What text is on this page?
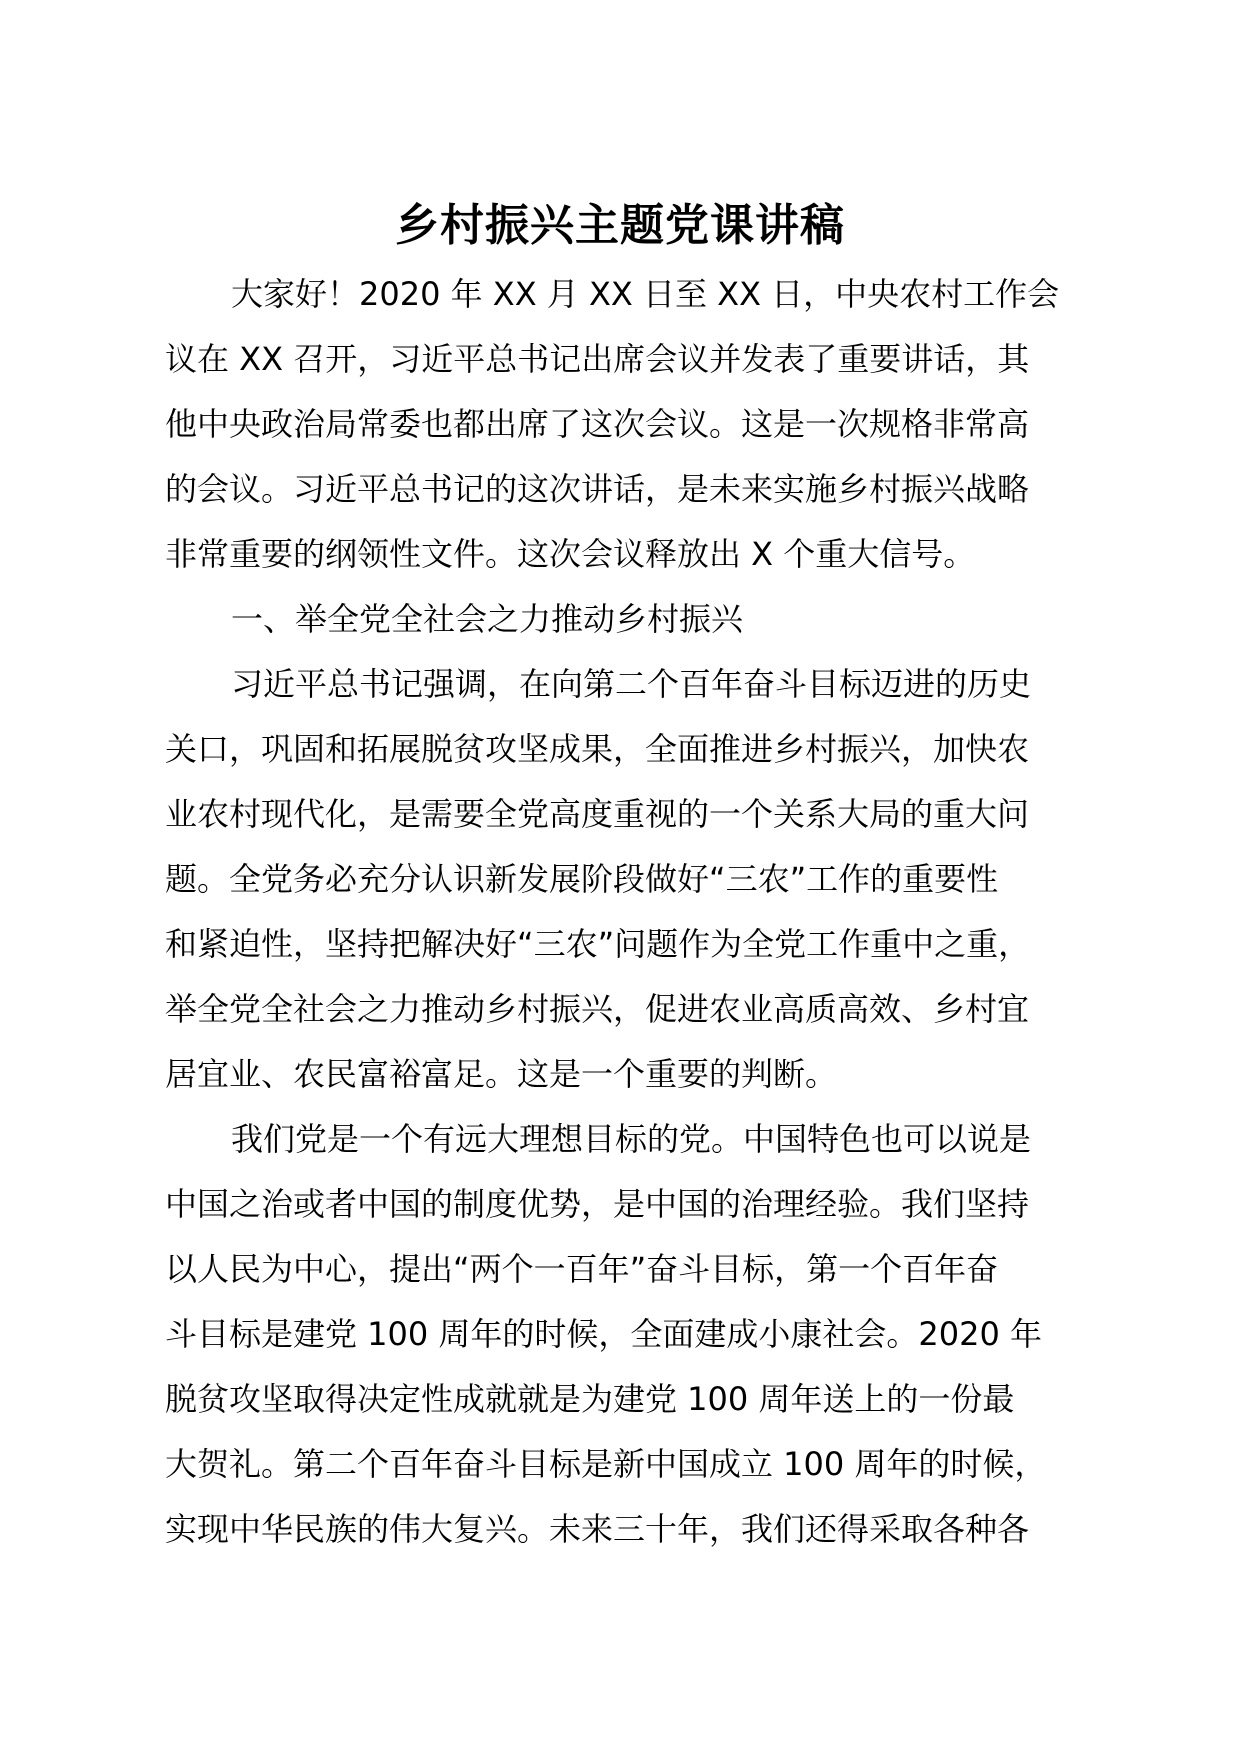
乡村振兴主题党课讲稿
大家好！2020 年 XX 月 XX 日至 XX 日，中央农村工作会
议在 XX 召开，习近平总书记出席会议并发表了重要讲话，其
他中央政治局常委也都出席了这次会议。这是一次规格非常高
的会议。习近平总书记的这次讲话，是未来实施乡村振兴战略
非常重要的纲领性文件。这次会议释放出 X 个重大信号。
一、举全党全社会之力推动乡村振兴
习近平总书记强调，在向第二个百年奋斗目标迈进的历史
关口，巩固和拓展脱贫攻坚成果，全面推进乡村振兴，加快农
业农村现代化，是需要全党高度重视的一个关系大局的重大问
题。全党务必充分认识新发展阶段做好“三农”工作的重要性
和紧迫性，坚持把解决好“三农”问题作为全党工作重中之重，
举全党全社会之力推动乡村振兴，促进农业高质高效、乡村宜
居宜业、农民富裕富足。这是一个重要的判断。
我们党是一个有远大理想目标的党。中国特色也可以说是
中国之治或者中国的制度优势，是中国的治理经验。我们坚持
以人民为中心，提出“两个一百年”奋斗目标，第一个百年奋
斗目标是建党 100 周年的时候，全面建成小康社会。2020 年
脱贫攻坚取得决定性成就就是为建党 100 周年送上的一份最
大贺礼。第二个百年奋斗目标是新中国成立 100 周年的时候，
实现中华民族的伟大复兴。未来三十年，我们还得采取各种各
